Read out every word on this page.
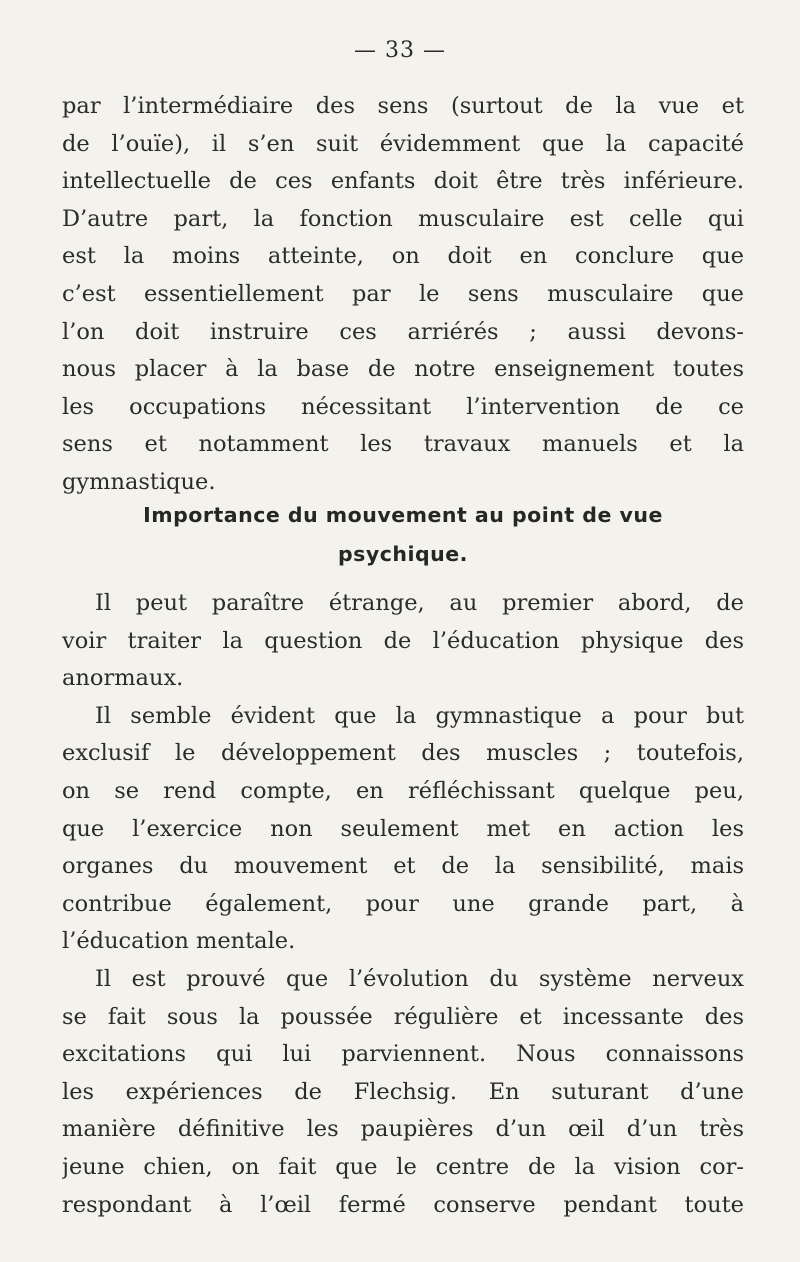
— 33 —
par l’intermédiaire des sens (surtout de la vue et
de l’ouïe), il s’en suit évidemment que la capacité
intellectuelle de ces enfants doit être très inférieure.
D’autre part, la fonction musculaire est celle qui
est la moins atteinte, on doit en conclure que
c’est essentiellement par le sens musculaire que
l’on doit instruire ces arriérés ; aussi devons-
nous placer à la base de notre enseignement toutes
les occupations nécessitant l’intervention de ce
sens et notamment les travaux manuels et la
gymnastique.
Importance du mouvement au point de vue
psychique.
Il peut paraître étrange, au premier abord, de
voir traiter la question de l’éducation physique des
anormaux.
Il semble évident que la gymnastique a pour but
exclusif le développement des muscles ; toutefois,
on se rend compte, en réfléchissant quelque peu,
que l’exercice non seulement met en action les
organes du mouvement et de la sensibilité, mais
contribue également, pour une grande part, à
l’éducation mentale.
Il est prouvé que l’évolution du système nerveux
se fait sous la poussée régulière et incessante des
excitations qui lui parviennent. Nous connaissons
les expériences de Flechsig. En suturant d’une
manière définitive les paupières d’un œil d’un très
jeune chien, on fait que le centre de la vision cor-
respondant à l’œil fermé conserve pendant toute
